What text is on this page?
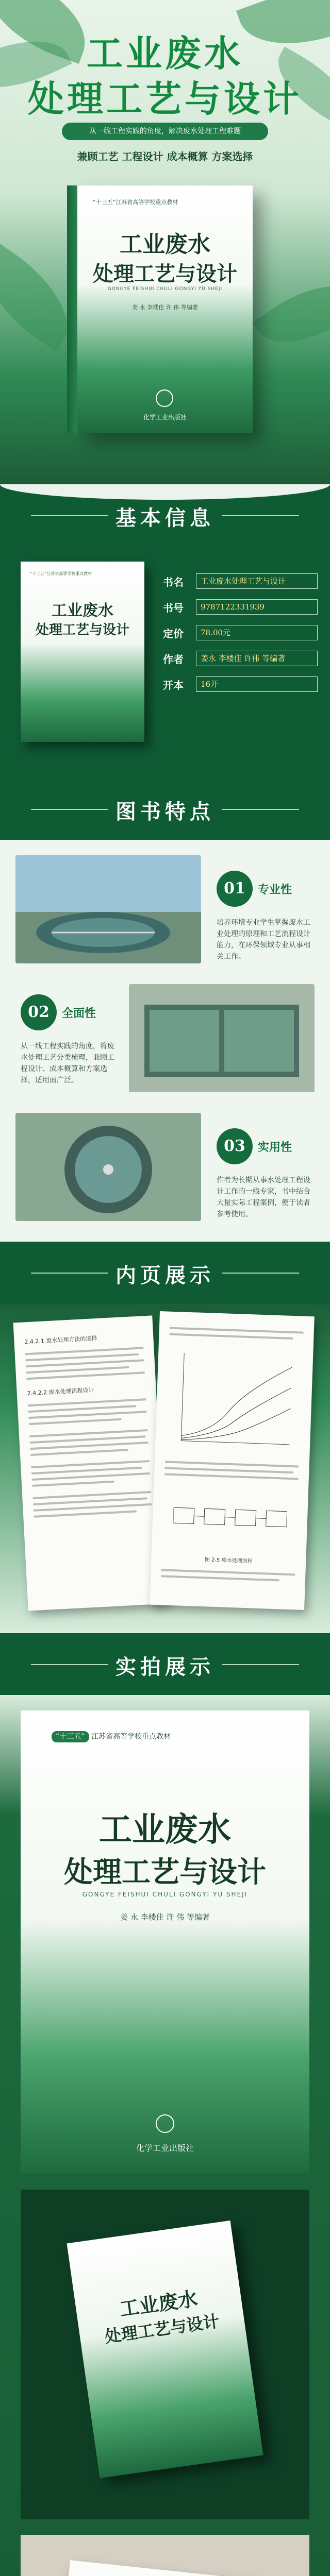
工业废水
处理工艺与设计
从一线工程实践的角度，解决废水处理工程难题
兼顾工艺 工程设计 成本概算 方案选择
“十三五”江苏省高等学校重点教材
工业废水
处理工艺与设计
GONGYE FEISHUI CHULI GONGYI YU SHEJI
姜 永 李楼佳 许 伟 等编著
化学工业出版社
基本信息
“十三五”江苏省高等学校重点教材
工业废水
处理工艺与设计
书名	工业废水处理工艺与设计
书号	9787122331939
定价	78.00元
作者	姜永 李楼佳 许伟 等编著
开本	16开
图书特点
01	专业性
培养环境专业学生掌握废水工业处理的原理和工艺流程设计能力，在环保领域专业从事相关工作。
02	全面性
从一线工程实践的角度，将废水处理工艺分类梳理，兼顾工程设计、成本概算和方案选择，适用面广泛。
03	实用性
作者为长期从事水处理工程设计工作的一线专家，书中结合大量实际工程案例，便于读者参考使用。
内页展示
2.4.2.1 废水处理方法的选择
2.4.2.2 废水处理流程设计
图 2-5 废水处理流程
实拍展示
“十三五” 江苏省高等学校重点教材
工业废水
处理工艺与设计
GONGYE FEISHUI CHULI GONGYI YU SHEJI
姜 永 李楼佳 许 伟 等编著
化学工业出版社
工业废水
处理工艺与设计
